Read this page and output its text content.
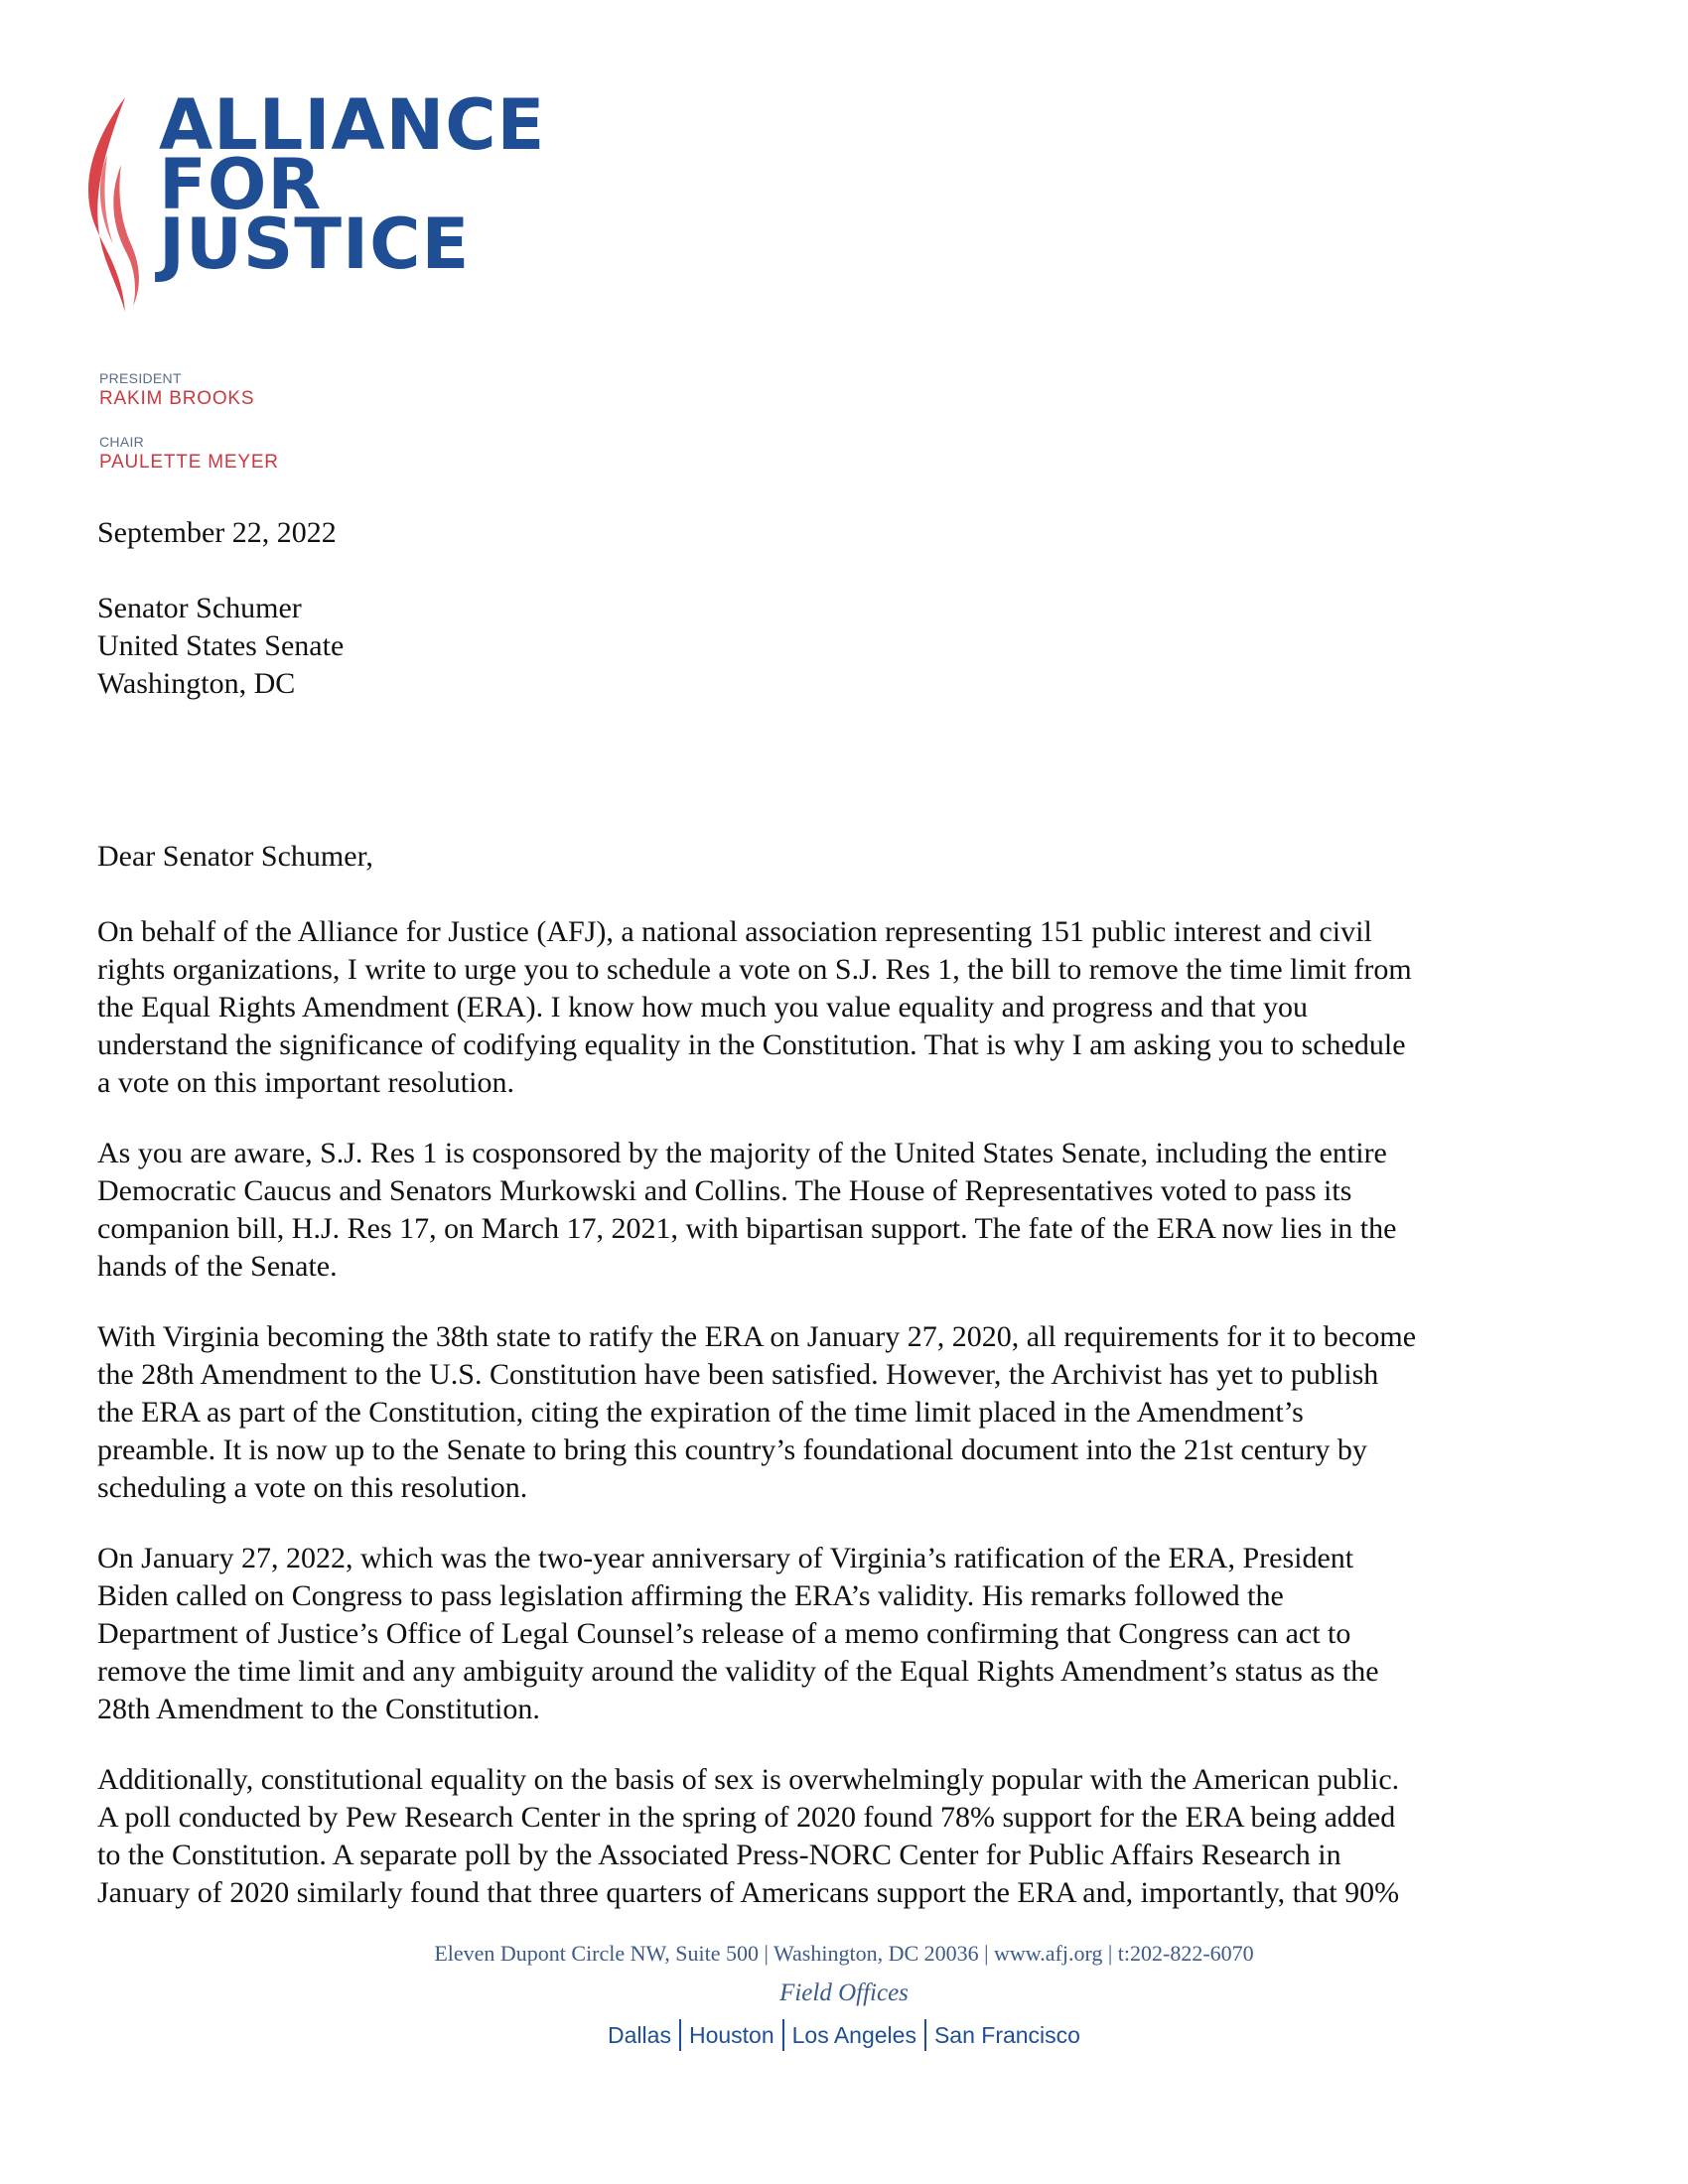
ALLIANCE
FOR
JUSTICE
PRESIDENT
RAKIM BROOKS
CHAIR
PAULETTE MEYER

September 22, 2022

Senator Schumer

United States Senate

Washington, DC

Dear Senator Schumer,

On behalf of the Alliance for Justice (AFJ), a national association representing 151 public interest and civil

rights organizations, I write to urge you to schedule a vote on S.J. Res 1, the bill to remove the time limit from

the Equal Rights Amendment (ERA). I know how much you value equality and progress and that you

understand the significance of codifying equality in the Constitution. That is why I am asking you to schedule

a vote on this important resolution.

As you are aware, S.J. Res 1 is cosponsored by the majority of the United States Senate, including the entire

Democratic Caucus and Senators Murkowski and Collins. The House of Representatives voted to pass its

companion bill, H.J. Res 17, on March 17, 2021, with bipartisan support. The fate of the ERA now lies in the

hands of the Senate.

With Virginia becoming the 38th state to ratify the ERA on January 27, 2020, all requirements for it to become

the 28th Amendment to the U.S. Constitution have been satisfied. However, the Archivist has yet to publish

the ERA as part of the Constitution, citing the expiration of the time limit placed in the Amendment’s

preamble. It is now up to the Senate to bring this country’s foundational document into the 21st century by

scheduling a vote on this resolution.

On January 27, 2022, which was the two-year anniversary of Virginia’s ratification of the ERA, President

Biden called on Congress to pass legislation affirming the ERA’s validity. His remarks followed the

Department of Justice’s Office of Legal Counsel’s release of a memo confirming that Congress can act to

remove the time limit and any ambiguity around the validity of the Equal Rights Amendment’s status as the

28th Amendment to the Constitution.

Additionally, constitutional equality on the basis of sex is overwhelmingly popular with the American public.

A poll conducted by Pew Research Center in the spring of 2020 found 78% support for the ERA being added

to the Constitution. A separate poll by the Associated Press-NORC Center for Public Affairs Research in

January of 2020 similarly found that three quarters of Americans support the ERA and, importantly, that 90%

Eleven Dupont Circle NW, Suite 500 | Washington, DC 20036 | www.afj.org | t:202-822-6070
Field Offices
Dallas Houston Los Angeles San Francisco
